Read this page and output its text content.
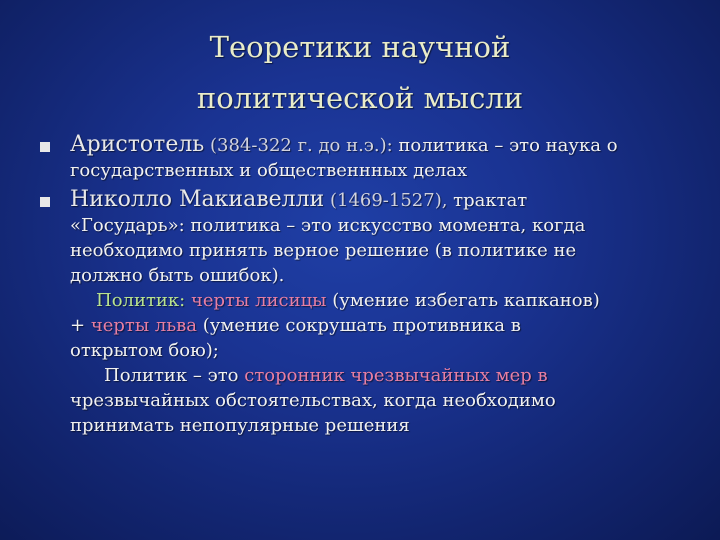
Теоретики научной
политической мысли
Аристотель (384-322 г. до н.э.): политика – это наука о
государственных и общественнных делах
Николло Макиавелли (1469-1527), трактат
«Государь»: политика – это искусство момента, когда
необходимо принять верное решение (в политике не
должно быть ошибок).
Политик: черты лисицы (умение избегать капканов)
+ черты льва (умение сокрушать противника в
открытом бою);
Политик – это сторонник чрезвычайных мер в
чрезвычайных обстоятельствах, когда необходимо
принимать непопулярные решения
